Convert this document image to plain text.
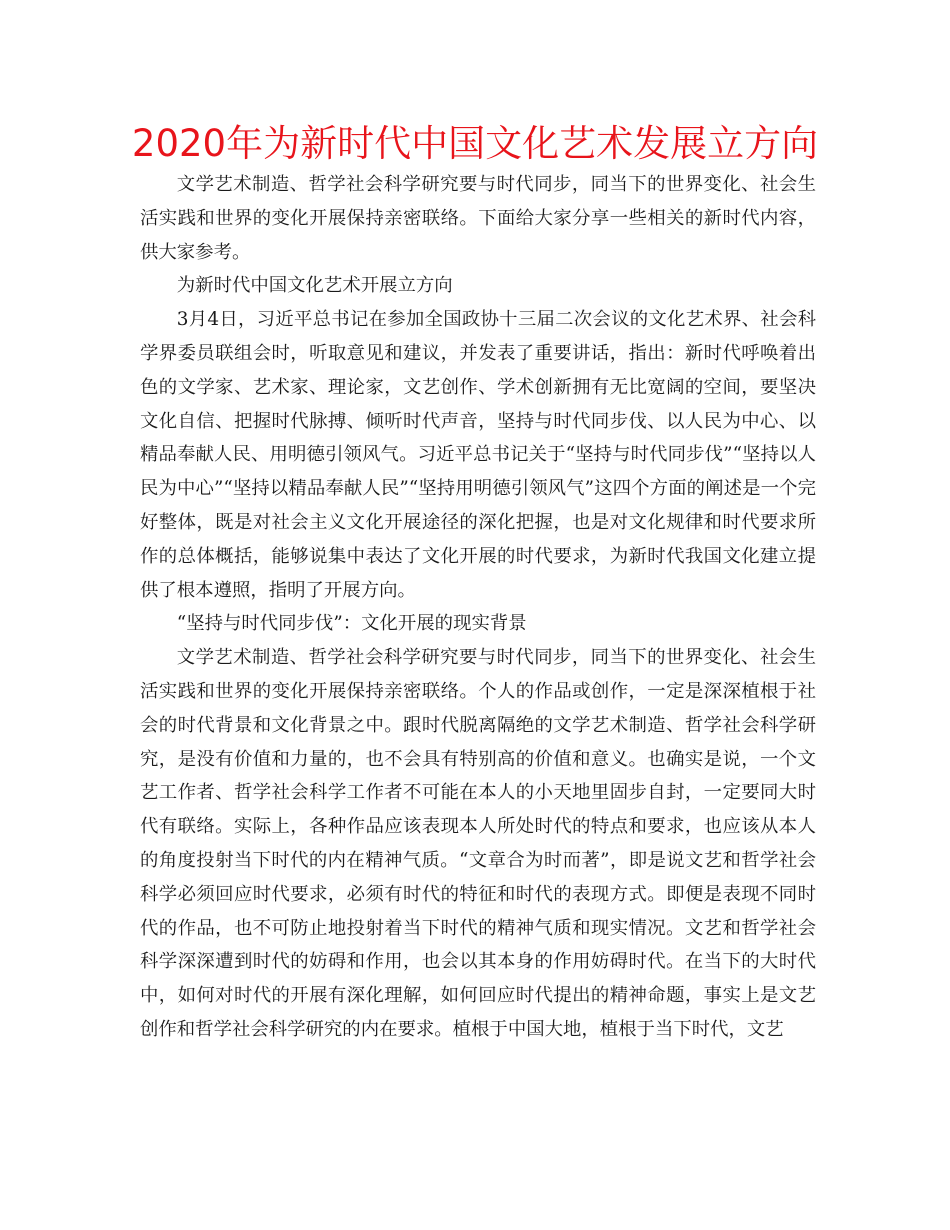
2020年为新时代中国文化艺术发展立方向

文学艺术制造、哲学社会科学研究要与时代同步，同当下的世界变化、社会生活实践和世界的变化开展保持亲密联络。下面给大家分享一些相关的新时代内容，供大家参考。

为新时代中国文化艺术开展立方向

3月4日，习近平总书记在参加全国政协十三届二次会议的文化艺术界、社会科学界委员联组会时，听取意见和建议，并发表了重要讲话，指出：新时代呼唤着出色的文学家、艺术家、理论家，文艺创作、学术创新拥有无比宽阔的空间，要坚决文化自信、把握时代脉搏、倾听时代声音，坚持与时代同步伐、以人民为中心、以精品奉献人民、用明德引领风气。习近平总书记关于“坚持与时代同步伐”“坚持以人民为中心”“坚持以精品奉献人民”“坚持用明德引领风气”这四个方面的阐述是一个完好整体，既是对社会主义文化开展途径的深化把握，也是对文化规律和时代要求所作的总体概括，能够说集中表达了文化开展的时代要求，为新时代我国文化建立提供了根本遵照，指明了开展方向。

“坚持与时代同步伐”：文化开展的现实背景

文学艺术制造、哲学社会科学研究要与时代同步，同当下的世界变化、社会生活实践和世界的变化开展保持亲密联络。个人的作品或创作，一定是深深植根于社会的时代背景和文化背景之中。跟时代脱离隔绝的文学艺术制造、哲学社会科学研究，是没有价值和力量的，也不会具有特别高的价值和意义。也确实是说，一个文艺工作者、哲学社会科学工作者不可能在本人的小天地里固步自封，一定要同大时代有联络。实际上，各种作品应该表现本人所处时代的特点和要求，也应该从本人的角度投射当下时代的内在精神气质。“文章合为时而著”，即是说文艺和哲学社会科学必须回应时代要求，必须有时代的特征和时代的表现方式。即便是表现不同时代的作品，也不可防止地投射着当下时代的精神气质和现实情况。文艺和哲学社会科学深深遭到时代的妨碍和作用，也会以其本身的作用妨碍时代。在当下的大时代中，如何对时代的开展有深化理解，如何回应时代提出的精神命题，事实上是文艺创作和哲学社会科学研究的内在要求。植根于中国大地，植根于当下时代，文艺
